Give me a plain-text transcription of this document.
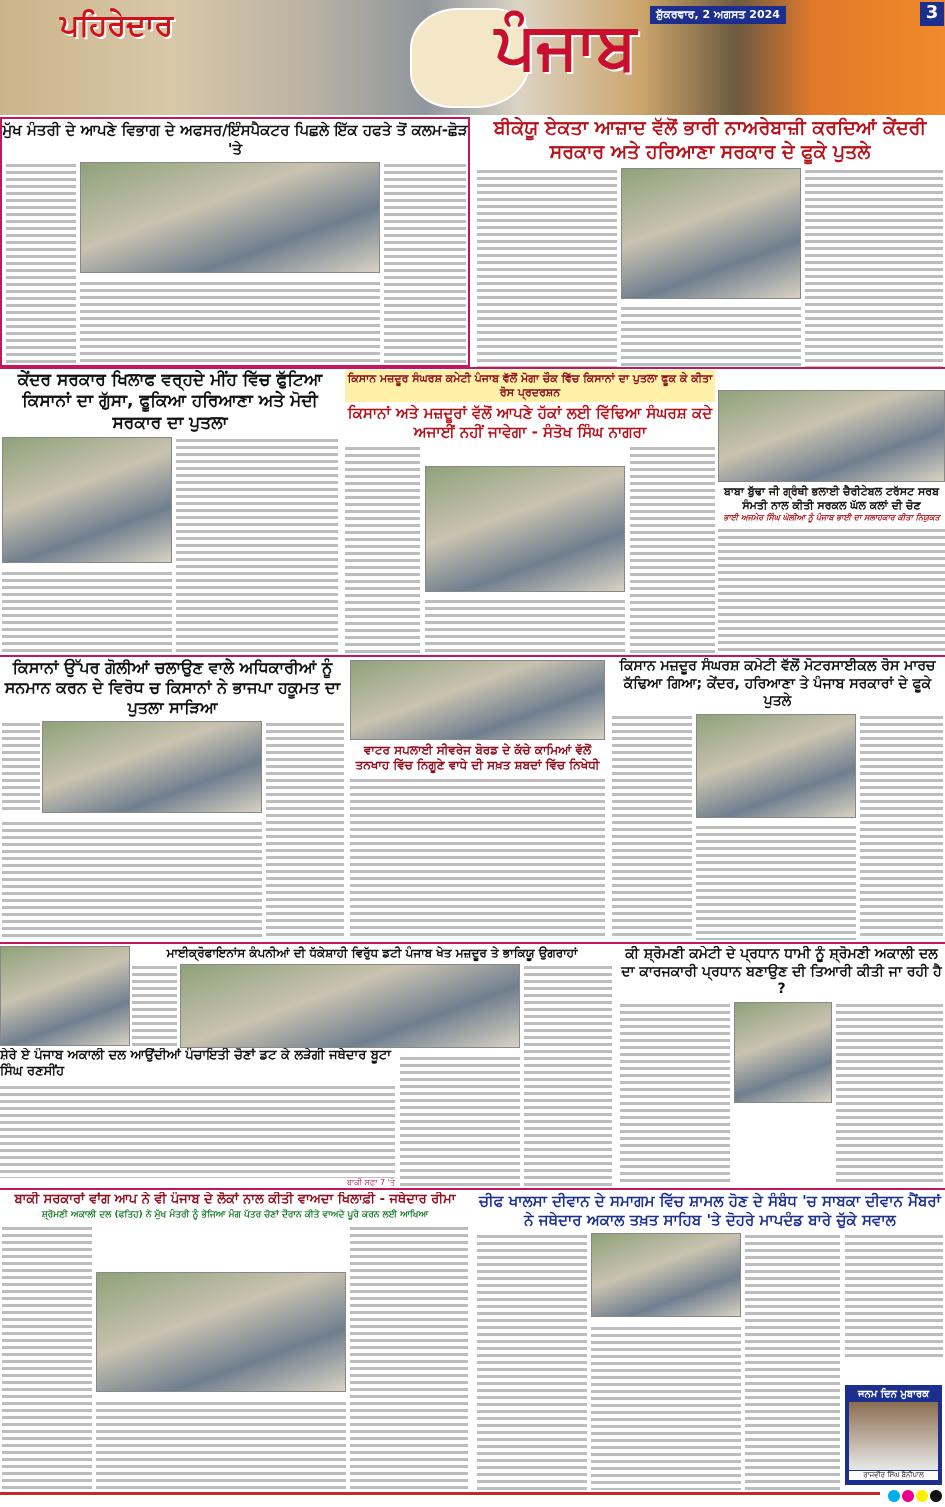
ਪਹਿਰੇਦਾਰ	ਪੰਜਾਬ	ਸ਼ੁੱਕਰਵਾਰ, 2 ਅਗਸਤ 2024	3
ਮੁੱਖ ਮੰਤਰੀ ਦੇ ਆਪਣੇ ਵਿਭਾਗ ਦੇ ਅਫਸਰ/ਇੰਸਪੈਕਟਰ ਪਿਛਲੇ ਇੱਕ ਹਫਤੇ ਤੋਂ ਕਲਮ-ਛੋੜ 'ਤੇ
ਬੀਕੇਯੂ ਏਕਤਾ ਆਜ਼ਾਦ ਵੱਲੋਂ ਭਾਰੀ ਨਾਅਰੇਬਾਜ਼ੀ ਕਰਦਿਆਂ ਕੇਂਦਰੀ ਸਰਕਾਰ ਅਤੇ ਹਰਿਆਣਾ ਸਰਕਾਰ ਦੇ ਫੂਕੇ ਪੁਤਲੇ
ਕੇਂਦਰ ਸਰਕਾਰ ਖਿਲਾਫ ਵਰ੍ਹਦੇ ਮੀਂਹ ਵਿੱਚ ਫੁੱਟਿਆ ਕਿਸਾਨਾਂ ਦਾ ਗੁੱਸਾ, ਫੂਕਿਆ ਹਰਿਆਣਾ ਅਤੇ ਮੋਦੀ ਸਰਕਾਰ ਦਾ ਪੁਤਲਾ
ਕਿਸਾਨ ਮਜ਼ਦੂਰ ਸੰਘਰਸ਼ ਕਮੇਟੀ ਪੰਜਾਬ ਵੱਲੋਂ ਮੋਗਾ ਚੌਕ ਵਿੱਚ ਕਿਸਾਨਾਂ ਦਾ ਪੁਤਲਾ ਫੂਕ ਕੇ ਕੀਤਾ ਰੋਸ ਪ੍ਰਦਰਸ਼ਨ
ਕਿਸਾਨਾਂ ਅਤੇ ਮਜ਼ਦੂਰਾਂ ਵੱਲੋਂ ਆਪਣੇ ਹੱਕਾਂ ਲਈ ਵਿੱਢਿਆ ਸੰਘਰਸ਼ ਕਦੇ ਅਜਾਈਂ ਨਹੀਂ ਜਾਵੇਗਾ - ਸੰਤੋਖ ਸਿੰਘ ਨਾਗਰਾ
ਬਾਬਾ ਬੁੱਢਾ ਜੀ ਗ੍ਰੰਥੀ ਭਲਾਈ ਚੈਰੀਟੇਬਲ ਟਰੱਸਟ ਸਰਬ ਸੰਮਤੀ ਨਾਲ ਕੀਤੀ ਸਰਕਲ ਘੱਲ ਕਲਾਂ ਦੀ ਚੋਣ
ਭਾਈ ਅਜਮੇਰ ਸਿੰਘ ਘੋਲੀਆ ਨੂੰ ਪੰਜਾਬ ਭਾਈ ਦਾ ਸਲਾਹਕਾਰ ਕੀਤਾ ਨਿਯੁਕਤ
ਕਿਸਾਨਾਂ ਉੱਪਰ ਗੋਲੀਆਂ ਚਲਾਉਣ ਵਾਲੇ ਅਧਿਕਾਰੀਆਂ ਨੂੰ ਸਨਮਾਨ ਕਰਨ ਦੇ ਵਿਰੋਧ ਚ ਕਿਸਾਨਾਂ ਨੇ ਭਾਜਪਾ ਹਕੂਮਤ ਦਾ ਪੁਤਲਾ ਸਾੜਿਆ
ਵਾਟਰ ਸਪਲਾਈ ਸੀਵਰੇਜ ਬੋਰਡ ਦੇ ਕੱਚੇ ਕਾਮਿਆਂ ਵੱਲੋਂ ਤਨਖਾਹ ਵਿੱਚ ਨਿਗੂਣੇ ਵਾਧੇ ਦੀ ਸਖ਼ਤ ਸ਼ਬਦਾਂ ਵਿੱਚ ਨਿਖੇਧੀ
ਕਿਸਾਨ ਮਜ਼ਦੂਰ ਸੰਘਰਸ਼ ਕਮੇਟੀ ਵੱਲੋਂ ਮੋਟਰਸਾਈਕਲ ਰੋਸ ਮਾਰਚ ਕੱਢਿਆ ਗਿਆ; ਕੇਂਦਰ, ਹਰਿਆਣਾ ਤੇ ਪੰਜਾਬ ਸਰਕਾਰਾਂ ਦੇ ਫੂਕੇ ਪੁਤਲੇ
ਸ਼ੇਰੇ ਏ ਪੰਜਾਬ ਅਕਾਲੀ ਦਲ ਆਉਂਦੀਆਂ ਪੰਚਾਇਤੀ ਚੋਣਾਂ ਡਟ ਕੇ ਲੜੇਗੀ ਜਥੇਦਾਰ ਬੂਟਾ ਸਿੰਘ ਰਣਸੀਂਹ
ਬਾਕੀ ਸਫ਼ਾ 7 'ਤੇ
ਮਾਈਕ੍ਰੋਫਾਇਨਾਂਸ ਕੰਪਨੀਆਂ ਦੀ ਧੱਕੇਸ਼ਾਹੀ ਵਿਰੁੱਧ ਡਟੀ ਪੰਜਾਬ ਖੇਤ ਮਜ਼ਦੂਰ ਤੇ ਭਾਕਿਯੂ ਉਗਰਾਹਾਂ	ਕੀ ਸ਼੍ਰੋਮਣੀ ਕਮੇਟੀ ਦੇ ਪ੍ਰਧਾਨ ਧਾਮੀ ਨੂੰ ਸ਼੍ਰੋਮਣੀ ਅਕਾਲੀ ਦਲ ਦਾ ਕਾਰਜਕਾਰੀ ਪ੍ਰਧਾਨ ਬਣਾਉਣ ਦੀ ਤਿਆਰੀ ਕੀਤੀ ਜਾ ਰਹੀ ਹੈ ?
ਬਾਕੀ ਸਰਕਾਰਾਂ ਵਾਂਗ ਆਪ ਨੇ ਵੀ ਪੰਜਾਬ ਦੇ ਲੋਕਾਂ ਨਾਲ ਕੀਤੀ ਵਾਅਦਾ ਖਿਲਾਫ਼ੀ - ਜਥੇਦਾਰ ਰੀਮਾ
ਸ਼੍ਰੋਮਣੀ ਅਕਾਲੀ ਦਲ (ਫਤਿਹ) ਨੇ ਮੁੱਖ ਮੰਤਰੀ ਨੂੰ ਭੇਜਿਆ ਮੰਗ ਪੱਤਰ ਚੋਣਾਂ ਦੌਰਾਨ ਕੀਤੇ ਵਾਅਦੇ ਪੂਰੇ ਕਰਨ ਲਈ ਆਖਿਆ
ਚੀਫ ਖਾਲਸਾ ਦੀਵਾਨ ਦੇ ਸਮਾਗਮ ਵਿੱਚ ਸ਼ਾਮਲ ਹੋਣ ਦੇ ਸੰਬੰਧ 'ਚ ਸਾਬਕਾ ਦੀਵਾਨ ਮੈਂਬਰਾਂ ਨੇ ਜਥੇਦਾਰ ਅਕਾਲ ਤਖ਼ਤ ਸਾਹਿਬ 'ਤੇ ਦੋਹਰੇ ਮਾਪਦੰਡ ਬਾਰੇ ਚੁੱਕੇ ਸਵਾਲ
ਜਨਮ ਦਿਨ ਮੁਬਾਰਕ
ਰਾਜਵੀਰ ਸਿੰਘ ਬੈਨੀਪਾਲ
